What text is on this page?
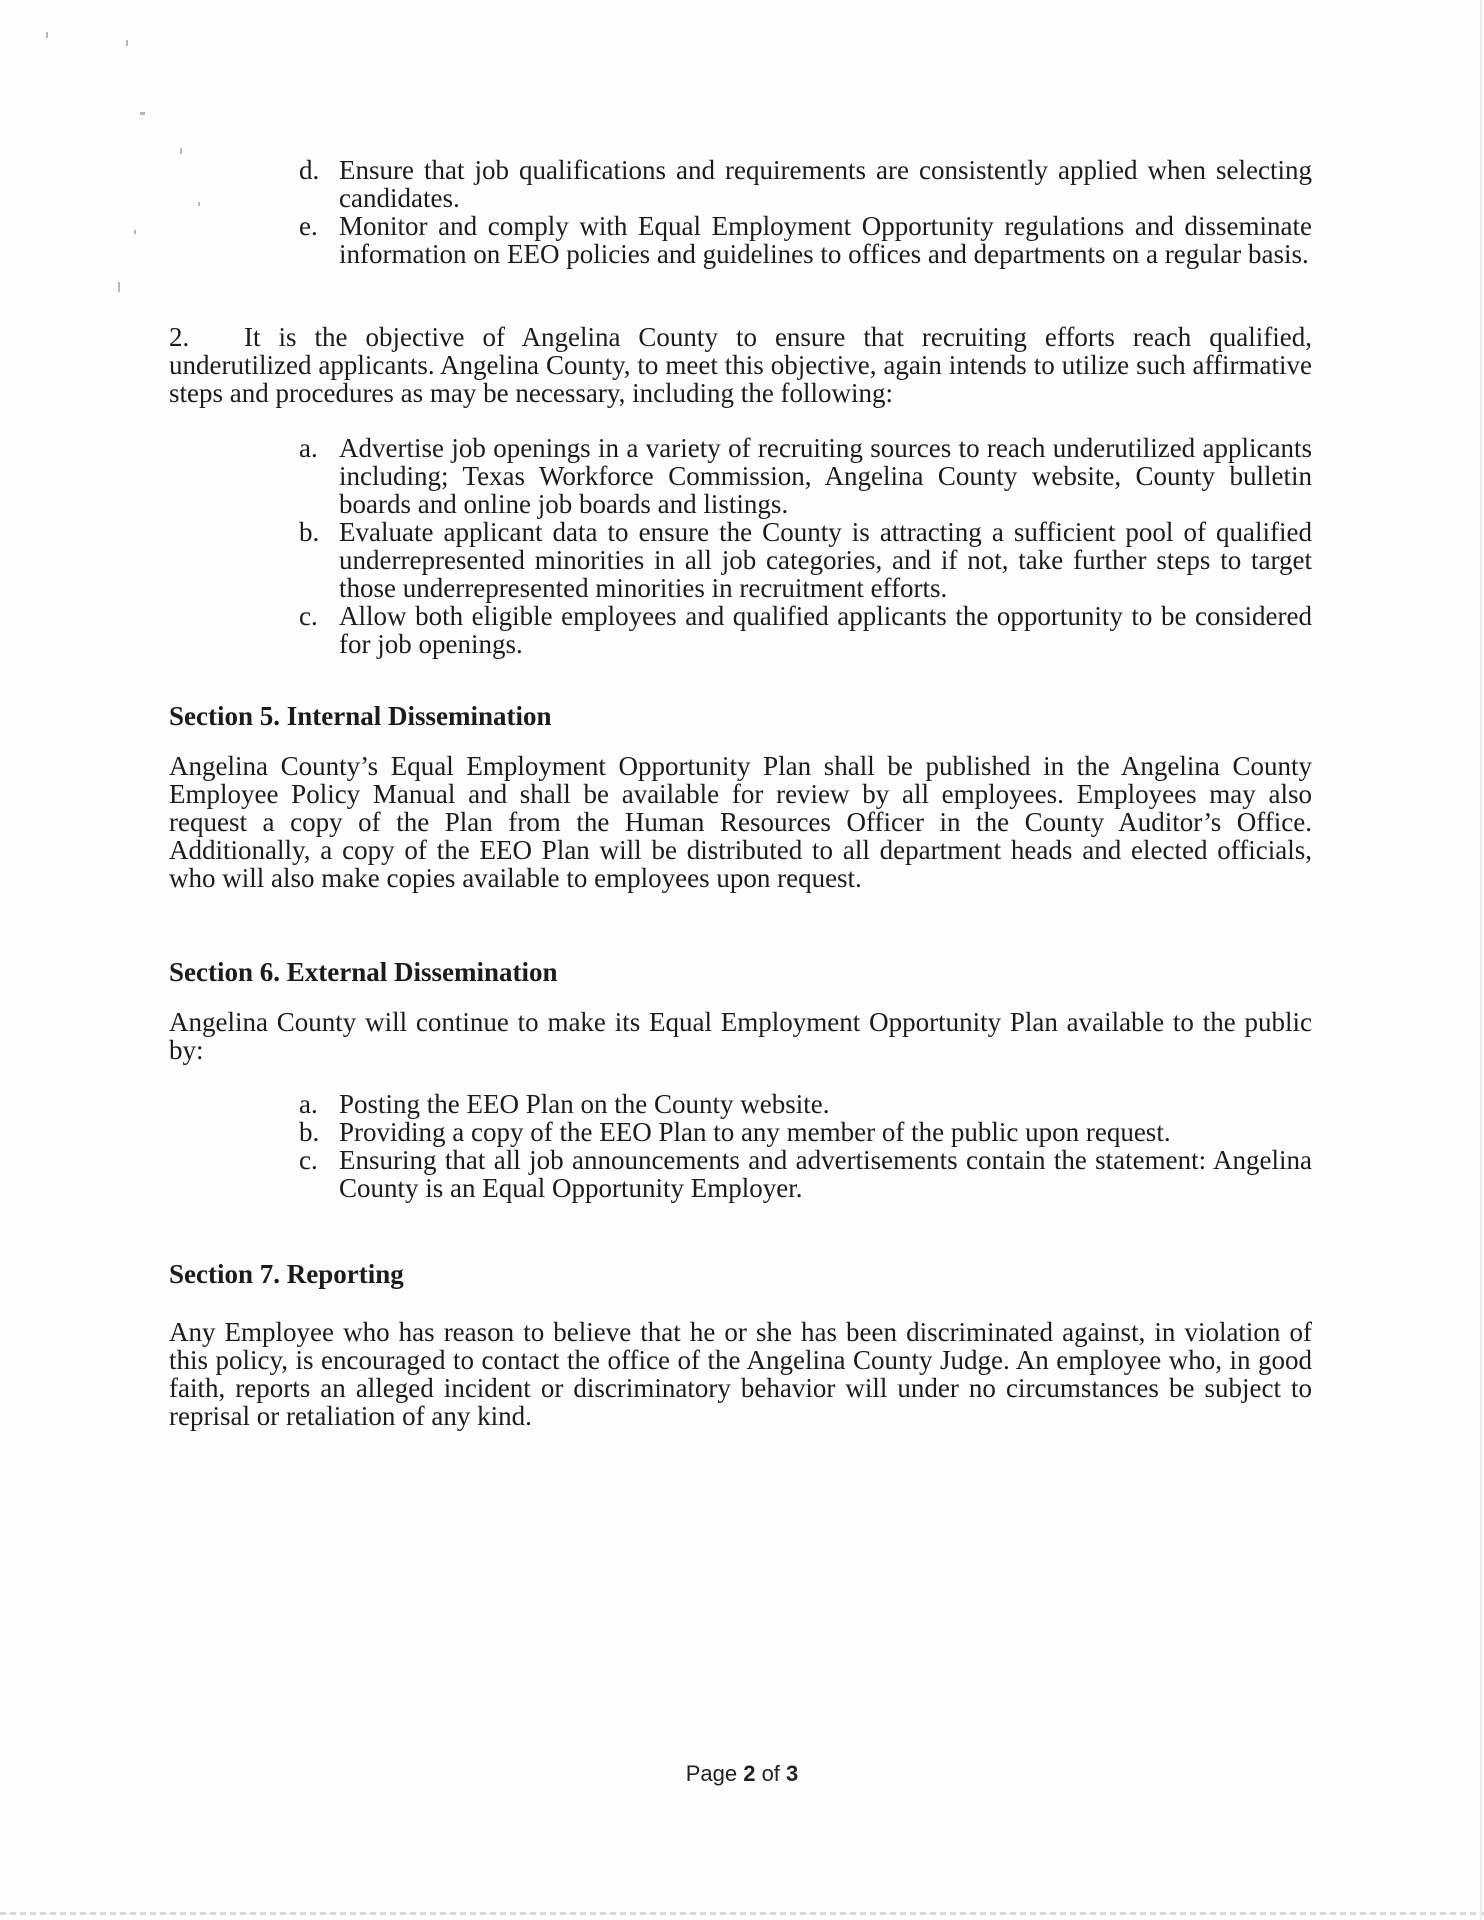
d. Ensure that job qualifications and requirements are consistently applied when selecting candidates.
e. Monitor and comply with Equal Employment Opportunity regulations and disseminate information on EEO policies and guidelines to offices and departments on a regular basis.

2. It is the objective of Angelina County to ensure that recruiting efforts reach qualified, underutilized applicants. Angelina County, to meet this objective, again intends to utilize such affirmative steps and procedures as may be necessary, including the following:

a. Advertise job openings in a variety of recruiting sources to reach underutilized applicants including; Texas Workforce Commission, Angelina County website, County bulletin boards and online job boards and listings.
b. Evaluate applicant data to ensure the County is attracting a sufficient pool of qualified underrepresented minorities in all job categories, and if not, take further steps to target those underrepresented minorities in recruitment efforts.
c. Allow both eligible employees and qualified applicants the opportunity to be considered for job openings.
Section 5. Internal Dissemination

Angelina County’s Equal Employment Opportunity Plan shall be published in the Angelina County Employee Policy Manual and shall be available for review by all employees. Employees may also request a copy of the Plan from the Human Resources Officer in the County Auditor’s Office. Additionally, a copy of the EEO Plan will be distributed to all department heads and elected officials, who will also make copies available to employees upon request.

Section 6. External Dissemination

Angelina County will continue to make its Equal Employment Opportunity Plan available to the public by:

a. Posting the EEO Plan on the County website.
b. Providing a copy of the EEO Plan to any member of the public upon request.
c. Ensuring that all job announcements and advertisements contain the statement: Angelina County is an Equal Opportunity Employer.
Section 7. Reporting

Any Employee who has reason to believe that he or she has been discriminated against, in violation of this policy, is encouraged to contact the office of the Angelina County Judge. An employee who, in good faith, reports an alleged incident or discriminatory behavior will under no circumstances be subject to reprisal or retaliation of any kind.

Page 2 of 3
